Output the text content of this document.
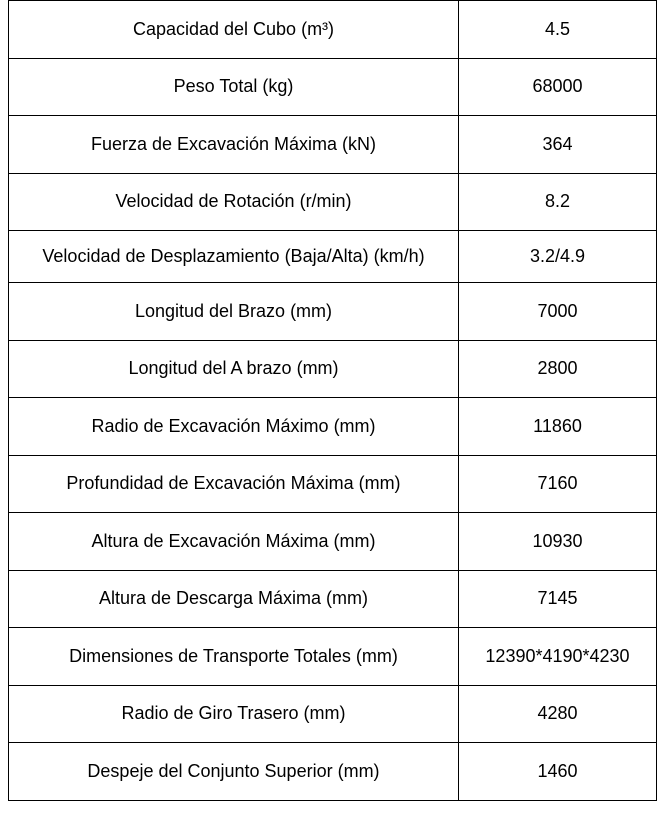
Capacidad del Cubo (m³)	4.5
Peso Total (kg)	68000
Fuerza de Excavación Máxima (kN)	364
Velocidad de Rotación (r/min)	8.2
Velocidad de Desplazamiento (Baja/Alta) (km/h)	3.2/4.9
Longitud del Brazo (mm)	7000
Longitud del A brazo (mm)	2800
Radio de Excavación Máximo (mm)	11860
Profundidad de Excavación Máxima (mm)	7160
Altura de Excavación Máxima (mm)	10930
Altura de Descarga Máxima (mm)	7145
Dimensiones de Transporte Totales (mm)	12390*4190*4230
Radio de Giro Trasero (mm)	4280
Despeje del Conjunto Superior (mm)	1460
